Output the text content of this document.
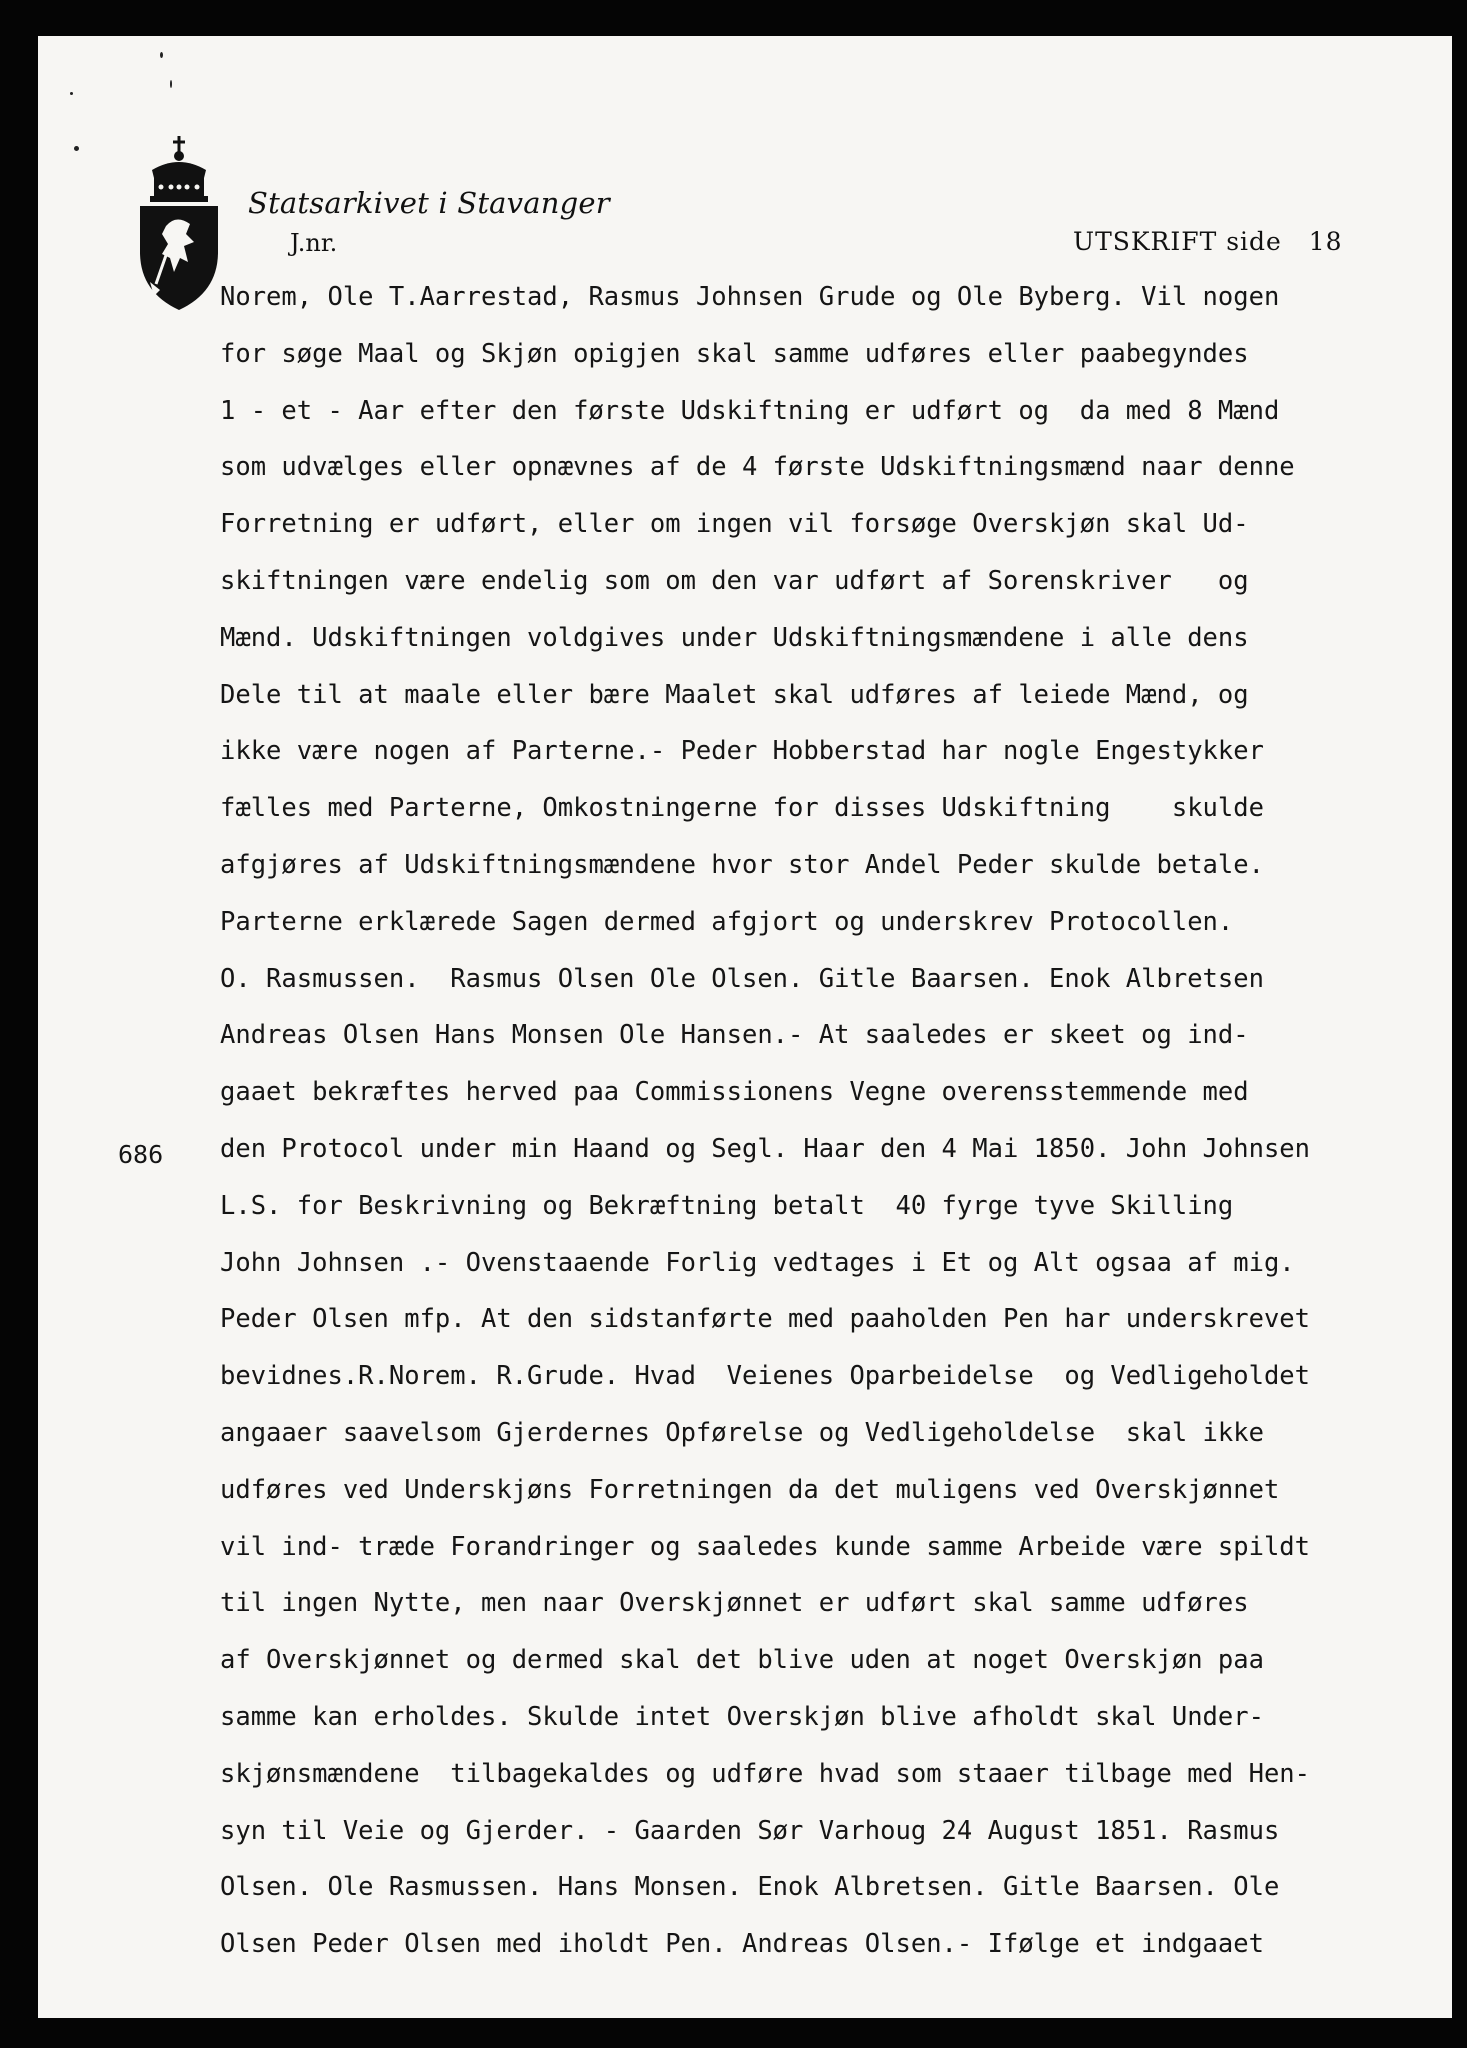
Statsarkivet i Stavanger
J.nr.	UTSKRIFT side 18
Norem, Ole T.Aarrestad, Rasmus Johnsen Grude og Ole Byberg. Vil nogen
for søge Maal og Skjøn opigjen skal samme udføres eller paabegyndes
1 - et - Aar efter den første Udskiftning er udført og  da med 8 Mænd
som udvælges eller opnævnes af de 4 første Udskiftningsmænd naar denne
Forretning er udført, eller om ingen vil forsøge Overskjøn skal Ud-
skiftningen være endelig som om den var udført af Sorenskriver   og
Mænd. Udskiftningen voldgives under Udskiftningsmændene i alle dens
Dele til at maale eller bære Maalet skal udføres af leiede Mænd, og
ikke være nogen af Parterne.- Peder Hobberstad har nogle Engestykker
fælles med Parterne, Omkostningerne for disses Udskiftning    skulde
afgjøres af Udskiftningsmændene hvor stor Andel Peder skulde betale.
Parterne erklærede Sagen dermed afgjort og underskrev Protocollen.
O. Rasmussen.  Rasmus Olsen Ole Olsen. Gitle Baarsen. Enok Albretsen
Andreas Olsen Hans Monsen Ole Hansen.- At saaledes er skeet og ind-
gaaet bekræftes herved paa Commissionens Vegne overensstemmende med
den Protocol under min Haand og Segl. Haar den 4 Mai 1850. John Johnsen
L.S. for Beskrivning og Bekræftning betalt  40 fyrge tyve Skilling
John Johnsen .- Ovenstaaende Forlig vedtages i Et og Alt ogsaa af mig.
Peder Olsen mfp. At den sidstanførte med paaholden Pen har underskrevet
bevidnes.R.Norem. R.Grude. Hvad  Veienes Oparbeidelse  og Vedligeholdet
angaaer saavelsom Gjerdernes Opførelse og Vedligeholdelse  skal ikke
udføres ved Underskjøns Forretningen da det muligens ved Overskjønnet
vil ind- træde Forandringer og saaledes kunde samme Arbeide være spildt
til ingen Nytte, men naar Overskjønnet er udført skal samme udføres
af Overskjønnet og dermed skal det blive uden at noget Overskjøn paa
samme kan erholdes. Skulde intet Overskjøn blive afholdt skal Under-
skjønsmændene  tilbagekaldes og udføre hvad som staaer tilbage med Hen-
syn til Veie og Gjerder. - Gaarden Sør Varhoug 24 August 1851. Rasmus
Olsen. Ole Rasmussen. Hans Monsen. Enok Albretsen. Gitle Baarsen. Ole
Olsen Peder Olsen med iholdt Pen. Andreas Olsen.- Ifølge et indgaaet
686
